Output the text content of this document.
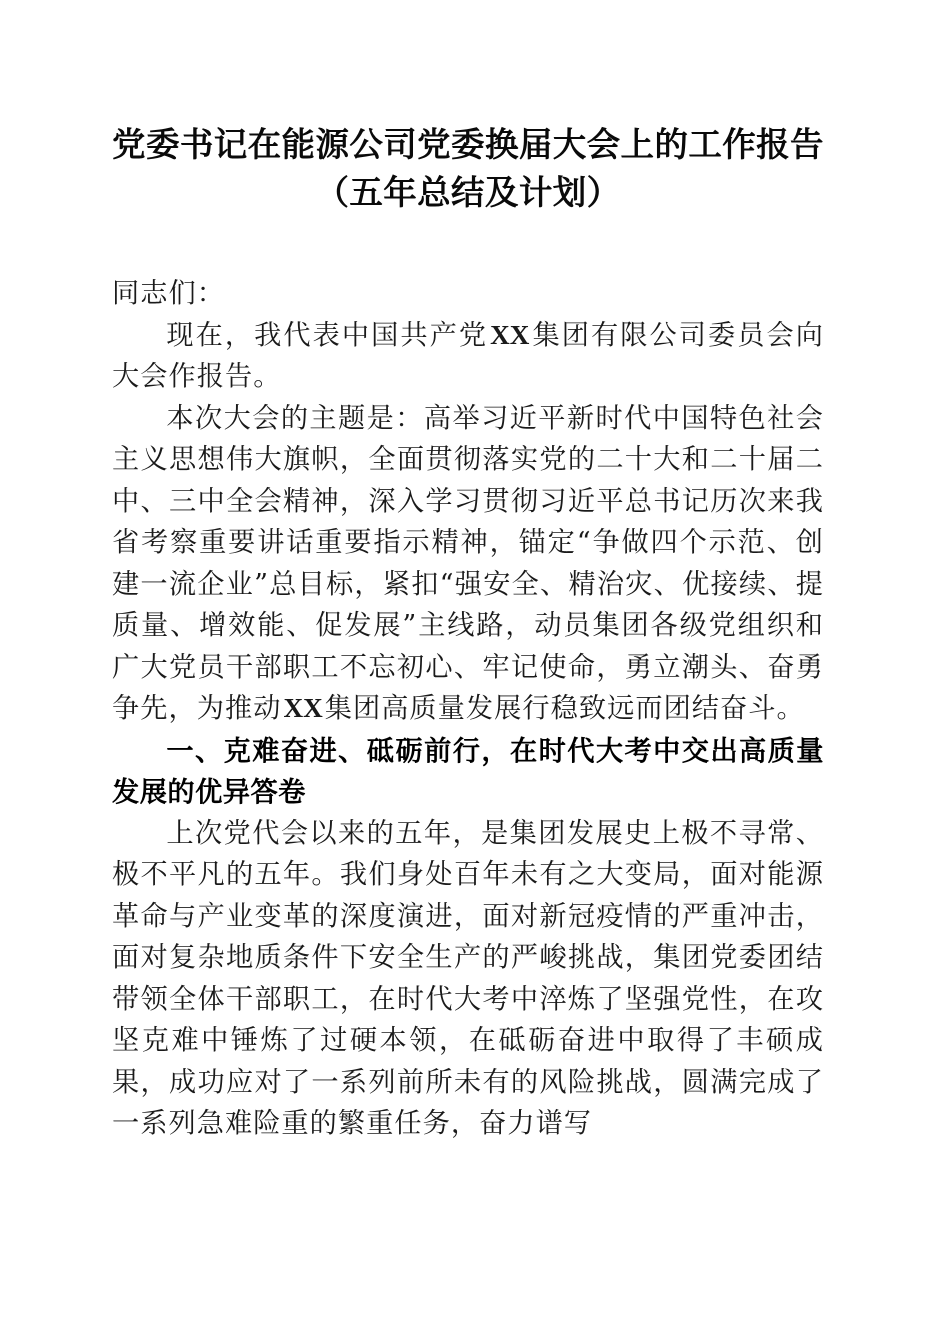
党委书记在能源公司党委换届大会上的工作报告（五年总结及计划）

同志们：

现在，我代表中国共产党XX集团有限公司委员会向大会作报告。

本次大会的主题是：高举习近平新时代中国特色社会主义思想伟大旗帜，全面贯彻落实党的二十大和二十届二中、三中全会精神，深入学习贯彻习近平总书记历次来我省考察重要讲话重要指示精神，锚定“争做四个示范、创建一流企业”总目标，紧扣“强安全、精治灾、优接续、提质量、增效能、促发展”主线路，动员集团各级党组织和广大党员干部职工不忘初心、牢记使命，勇立潮头、奋勇争先，为推动XX集团高质量发展行稳致远而团结奋斗。

一、克难奋进、砥砺前行，在时代大考中交出高质量发展的优异答卷

上次党代会以来的五年，是集团发展史上极不寻常、极不平凡的五年。我们身处百年未有之大变局，面对能源革命与产业变革的深度演进，面对新冠疫情的严重冲击，面对复杂地质条件下安全生产的严峻挑战，集团党委团结带领全体干部职工，在时代大考中淬炼了坚强党性，在攻坚克难中锤炼了过硬本领，在砥砺奋进中取得了丰硕成果，成功应对了一系列前所未有的风险挑战，圆满完成了一系列急难险重的繁重任务，奋力谱写
